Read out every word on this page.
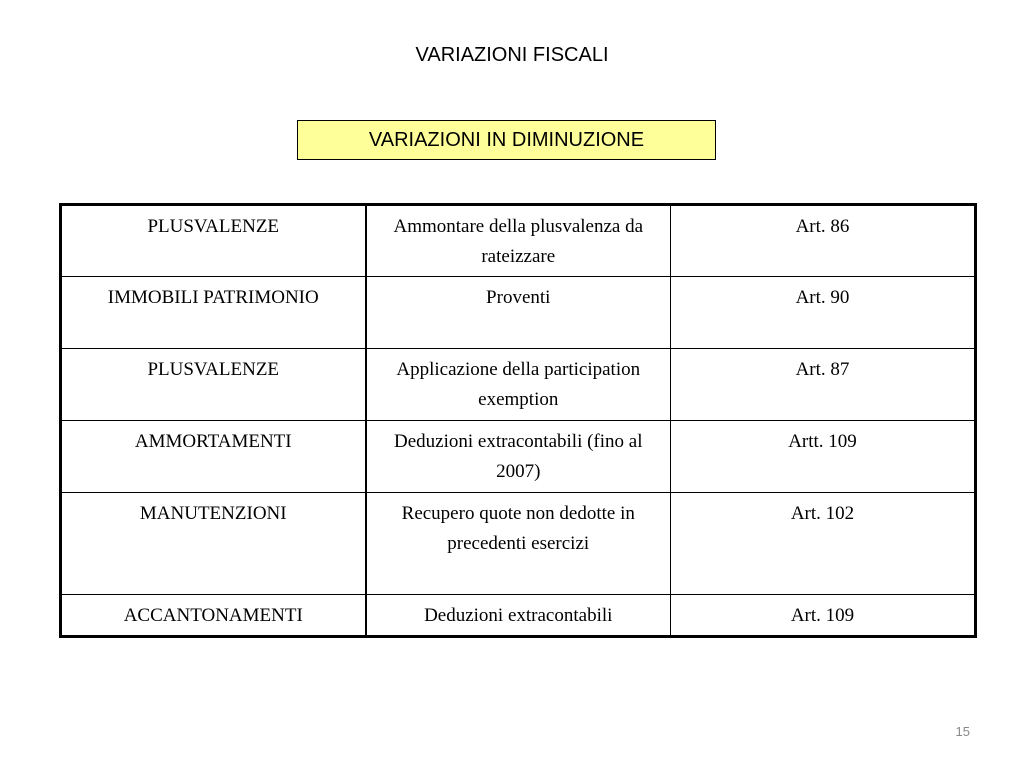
VARIAZIONI FISCALI
VARIAZIONI IN DIMINUZIONE
PLUSVALENZE	Ammontare della plusvalenza da rateizzare	Art. 86
IMMOBILI PATRIMONIO	Proventi	Art. 90
PLUSVALENZE	Applicazione della participation exemption	Art. 87
AMMORTAMENTI	Deduzioni extracontabili (fino al 2007)	Artt. 109
MANUTENZIONI	Recupero quote non dedotte in precedenti esercizi	Art. 102
ACCANTONAMENTI	Deduzioni extracontabili	Art. 109
15
